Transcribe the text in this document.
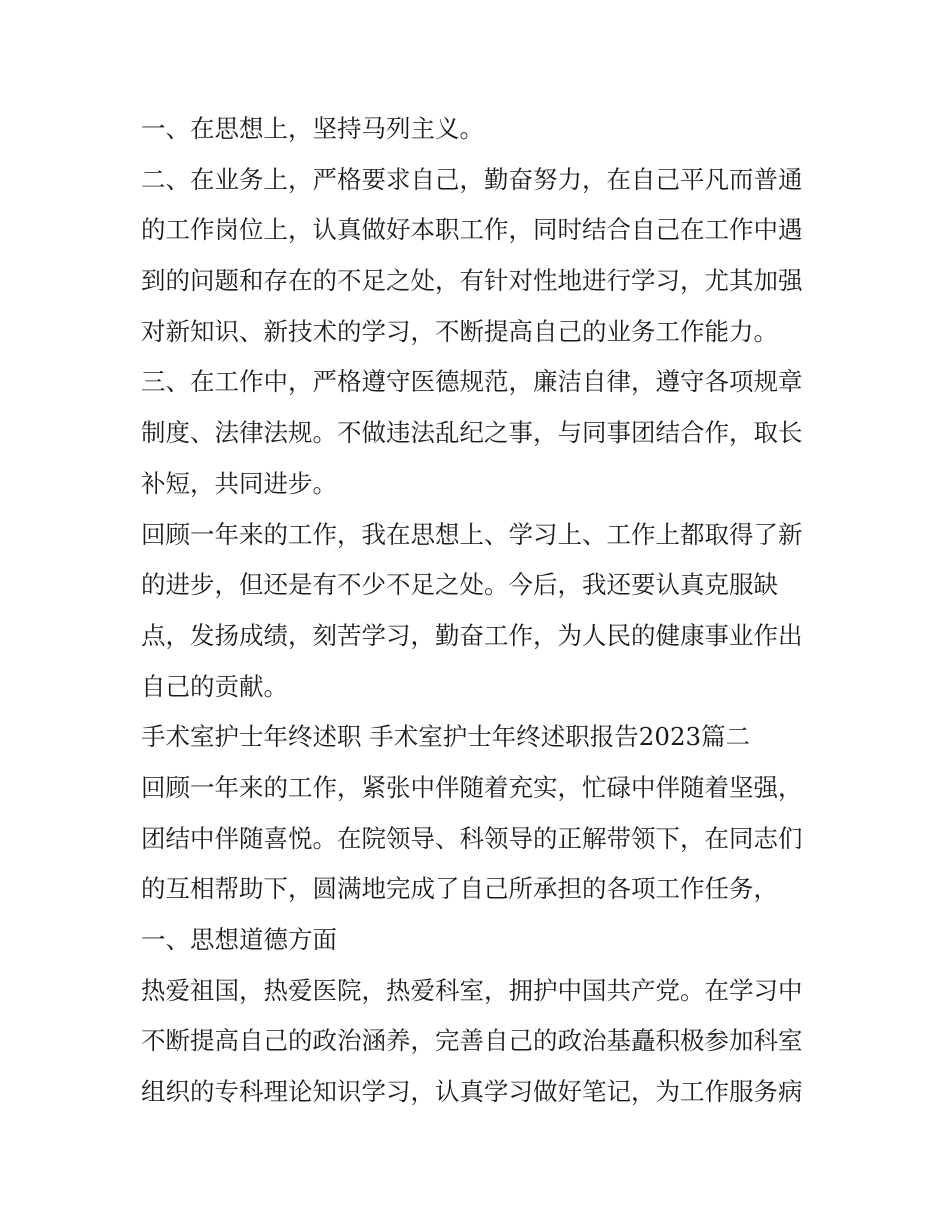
一、在思想上，坚持马列主义。
二、在业务上，严格要求自己，勤奋努力，在自己平凡而普通
的工作岗位上，认真做好本职工作，同时结合自己在工作中遇
到的问题和存在的不足之处，有针对性地进行学习，尤其加强
对新知识、新技术的学习，不断提高自己的业务工作能力。
三、在工作中，严格遵守医德规范，廉洁自律，遵守各项规章
制度、法律法规。不做违法乱纪之事，与同事团结合作，取长
补短，共同进步。
回顾一年来的工作，我在思想上、学习上、工作上都取得了新
的进步，但还是有不少不足之处。今后，我还要认真克服缺
点，发扬成绩，刻苦学习，勤奋工作，为人民的健康事业作出
自己的贡献。
手术室护士年终述职 手术室护士年终述职报告2023篇二
回顾一年来的工作，紧张中伴随着充实，忙碌中伴随着坚强，
团结中伴随喜悦。在院领导、科领导的正解带领下，在同志们
的互相帮助下，圆满地完成了自己所承担的各项工作任务，
一、思想道德方面
热爱祖国，热爱医院，热爱科室，拥护中国共产党。在学习中
不断提高自己的政治涵养，完善自己的政治基矗积极参加科室
组织的专科理论知识学习，认真学习做好笔记，为工作服务病
